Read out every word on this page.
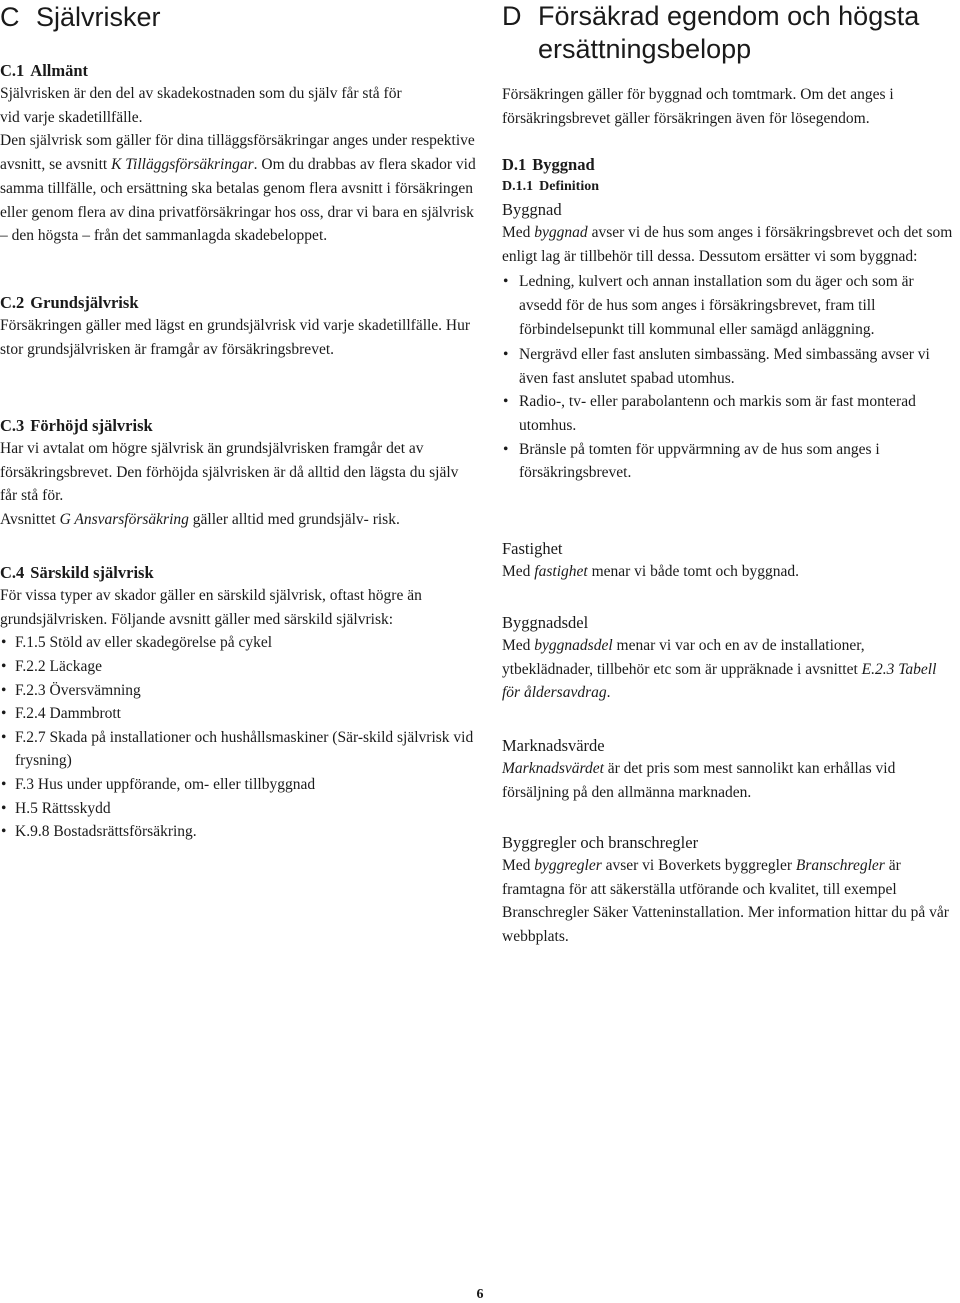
C Självrisker
C.1 Allmänt

Självrisken är den del av skadekostnaden som du själv får stå för
vid varje skadetillfälle.

Den självrisk som gäller för dina tilläggsförsäkringar anges under respektive avsnitt, se avsnitt K Tilläggsförsäkringar. Om du drabbas av flera skador vid samma tillfälle, och ersättning ska betalas genom flera avsnitt i försäkringen eller genom flera av dina privatförsäkringar hos oss, drar vi bara en självrisk – den högsta – från det sammanlagda skadebeloppet.

C.2 Grundsjälvrisk

Försäkringen gäller med lägst en grundsjälvrisk vid varje skadetillfälle. Hur stor grundsjälvrisken är framgår av försäkringsbrevet.

C.3 Förhöjd självrisk

Har vi avtalat om högre självrisk än grundsjälvrisken framgår det av försäkringsbrevet. Den förhöjda självrisken är då alltid den lägsta du själv får stå för.

Avsnittet G Ansvarsförsäkring gäller alltid med grundsjälv- risk.

C.4 Särskild självrisk

För vissa typer av skador gäller en särskild självrisk, oftast högre än grundsjälvrisken. Följande avsnitt gäller med särskild självrisk:

• F.1.5 Stöld av eller skadegörelse på cykel
• F.2.2 Läckage
• F.2.3 Översvämning
• F.2.4 Dammbrott
• F.2.7 Skada på installationer och hushållsmaskiner (Sär-skild självrisk vid frysning)
• F.3 Hus under uppförande, om- eller tillbyggnad
• H.5 Rättsskydd
• K.9.8 Bostadsrättsförsäkring.
D Försäkrad egendom och högsta
ersättningsbelopp

Försäkringen gäller för byggnad och tomtmark. Om det anges i försäkringsbrevet gäller försäkringen även för lösegendom.

D.1 Byggnad
D.1.1 Definition
Byggnad

Med byggnad avser vi de hus som anges i försäkringsbrevet och det som enligt lag är tillbehör till dessa. Dessutom ersätter vi som byggnad:

• Ledning, kulvert och annan installation som du äger och som är avsedd för de hus som anges i försäkringsbrevet, fram till förbindelsepunkt till kommunal eller samägd anläggning.
• Nergrävd eller fast ansluten simbassäng. Med simbassäng avser vi även fast anslutet spabad utomhus.
• Radio-, tv- eller parabolantenn och markis som är fast monterad utomhus.
• Bränsle på tomten för uppvärmning av de hus som anges i försäkringsbrevet.
Fastighet

Med fastighet menar vi både tomt och byggnad.

Byggnadsdel

Med byggnadsdel menar vi var och en av de installationer, ytbeklädnader, tillbehör etc som är uppräknade i avsnittet E.2.3 Tabell för åldersavdrag.

Marknadsvärde

Marknadsvärdet är det pris som mest sannolikt kan erhållas vid försäljning på den allmänna marknaden.

Byggregler och branschregler

Med byggregler avser vi Boverkets byggregler Branschregler är framtagna för att säkerställa utförande och kvalitet, till exempel Branschregler Säker Vatteninstallation. Mer information hittar du på vår webbplats.

6
